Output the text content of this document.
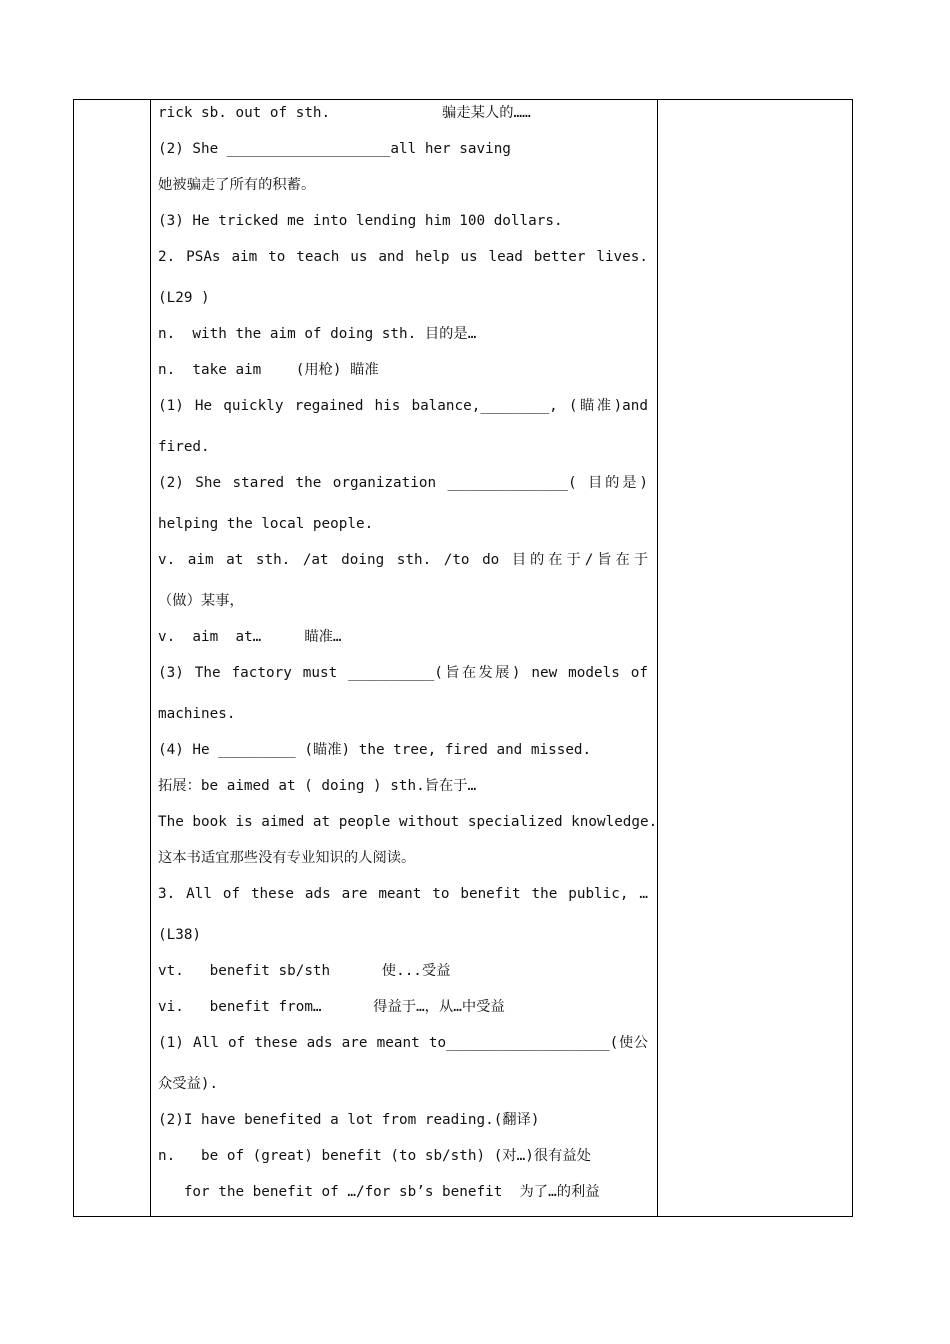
rick sb. out of sth.             骗走某人的……
(2) She ___________________all her saving
她被骗走了所有的积蓄。
(3) He tricked me into lending him 100 dollars.
2. PSAs aim to teach us and help us lead better lives.
(L29 )
n.  with the aim of doing sth. 目的是…
n.  take aim    (用枪) 瞄准
(1) He quickly regained his balance,________, (瞄准)and
fired.
(2) She stared the organization ______________( 目的是)
helping the local people.
v. aim at sth. /at doing sth. /to do 目的在于/旨在于
（做）某事，
v.  aim  at…     瞄准…
(3) The factory must __________(旨在发展) new models of
machines.
(4) He _________ (瞄准) the tree, fired and missed.
拓展：be aimed at ( doing ) sth.旨在于…
The book is aimed at people without specialized knowledge.
这本书适宜那些没有专业知识的人阅读。
3. All of these ads are meant to benefit the public, …
(L38)
vt.   benefit sb/sth      使...受益
vi.   benefit from…      得益于…，从…中受益
(1) All of these ads are meant to___________________(使公
众受益).
(2)I have benefited a lot from reading.(翻译)
n.   be of (great) benefit (to sb/sth) (对…)很有益处
for the benefit of …/for sb’s benefit  为了…的利益
